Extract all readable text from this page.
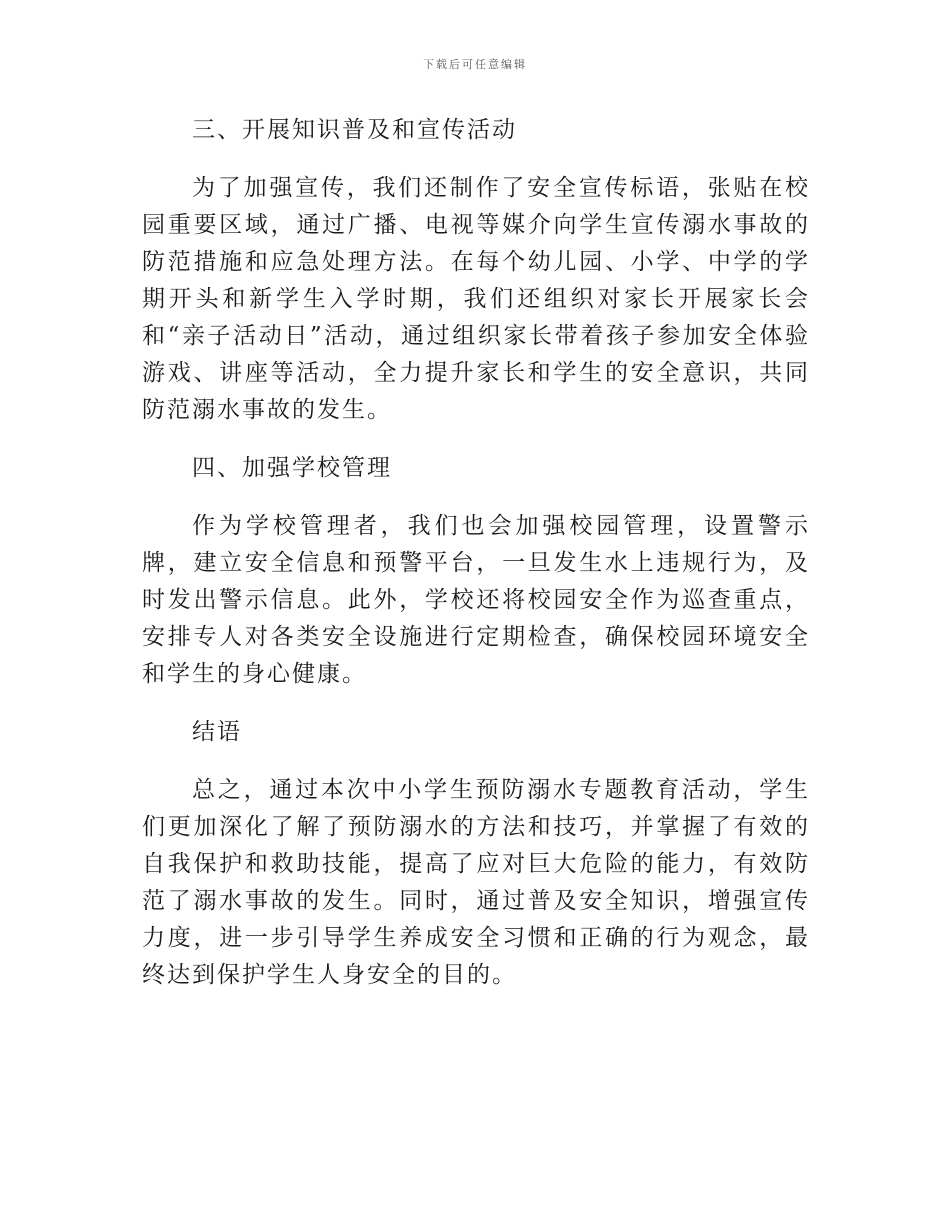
下载后可任意编辑
三、开展知识普及和宣传活动

为了加强宣传，我们还制作了安全宣传标语，张贴在校园重要区域，通过广播、电视等媒介向学生宣传溺水事故的防范措施和应急处理方法。在每个幼儿园、小学、中学的学期开头和新学生入学时期，我们还组织对家长开展家长会和“亲子活动日”活动，通过组织家长带着孩子参加安全体验游戏、讲座等活动，全力提升家长和学生的安全意识，共同防范溺水事故的发生。

四、加强学校管理

作为学校管理者，我们也会加强校园管理，设置警示牌，建立安全信息和预警平台，一旦发生水上违规行为，及时发出警示信息。此外，学校还将校园安全作为巡查重点，安排专人对各类安全设施进行定期检查，确保校园环境安全和学生的身心健康。

结语

总之，通过本次中小学生预防溺水专题教育活动，学生们更加深化了解了预防溺水的方法和技巧，并掌握了有效的自我保护和救助技能，提高了应对巨大危险的能力，有效防范了溺水事故的发生。同时，通过普及安全知识，增强宣传力度，进一步引导学生养成安全习惯和正确的行为观念，最终达到保护学生人身安全的目的。
